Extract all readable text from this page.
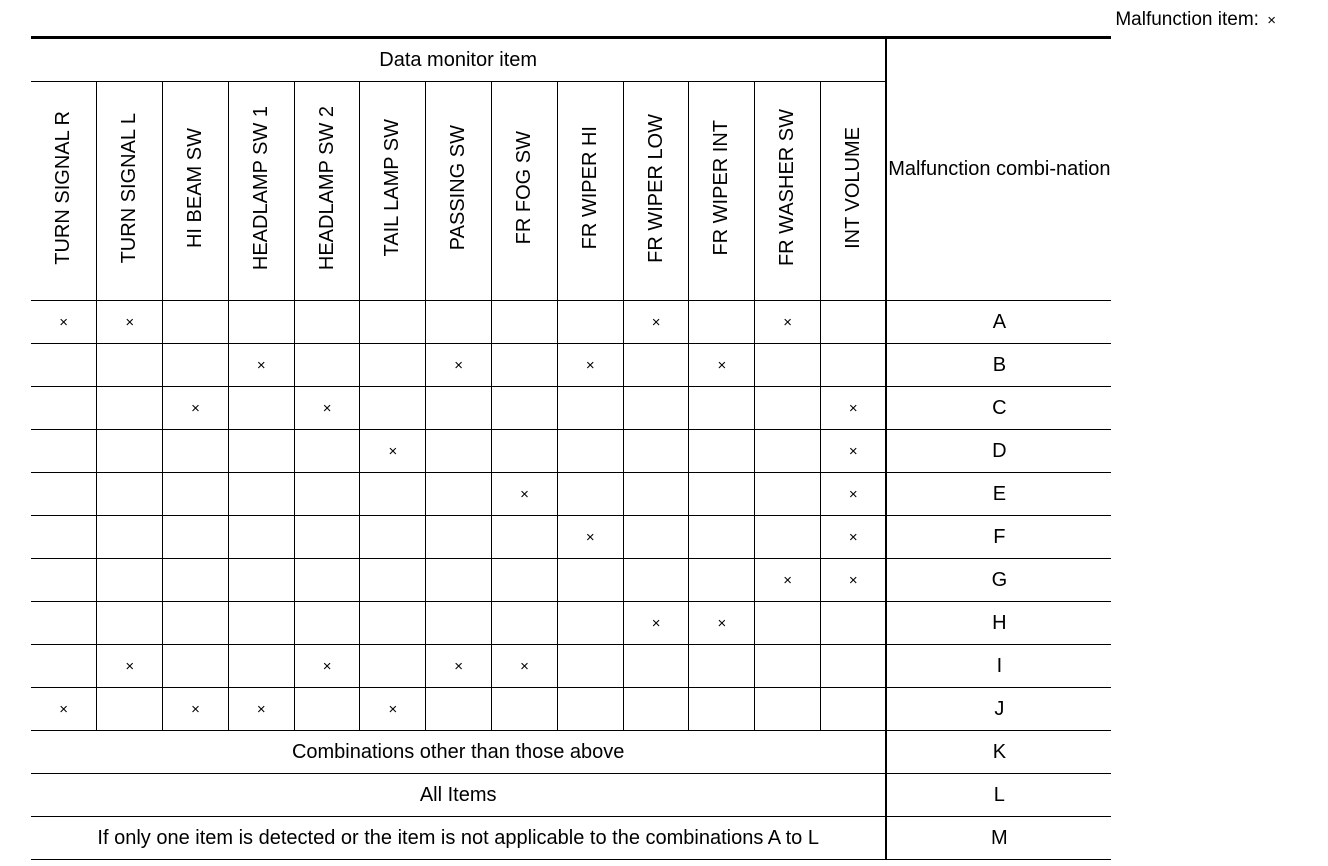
Malfunction item: ×
Data monitor item													Malfunction combi-nation
TURN SIGNAL R	TURN SIGNAL L	HI BEAM SW	HEADLAMP SW 1	HEADLAMP SW 2	TAIL LAMP SW	PASSING SW	FR FOG SW	FR WIPER HI	FR WIPER LOW	FR WIPER INT	FR WASHER SW	INT VOLUME	
×	×								×		×		A
			×			×		×		×			B
		×		×								×	C
					×							×	D
							×					×	E
								×				×	F
											×	×	G
									×	×			H
	×			×		×	×						I
×		×	×		×								J
Combinations other than those above													K
All Items													L
If only one item is detected or the item is not applicable to the combinations A to L													M
